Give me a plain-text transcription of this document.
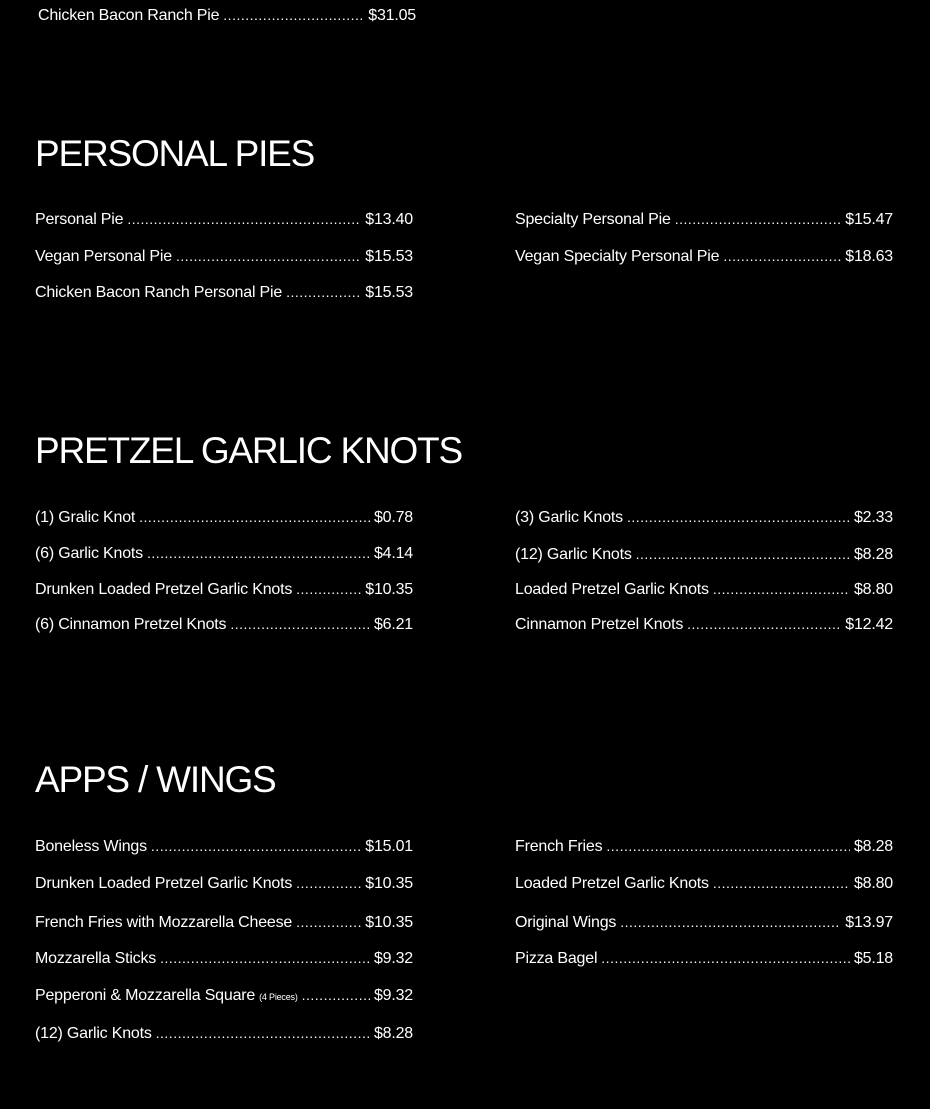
Chicken Bacon Ranch Pie .....	$31.05
PERSONAL PIES
Personal Pie .....	$13.40
Vegan Personal Pie .....	$15.53
Chicken Bacon Ranch Personal Pie .....	$15.53
Specialty Personal Pie .....	$15.47
Vegan Specialty Personal Pie .....	$18.63
PRETZEL GARLIC KNOTS
(1) Gralic Knot .....	$0.78
(6) Garlic Knots .....	$4.14
Drunken Loaded Pretzel Garlic Knots .....	$10.35
(6) Cinnamon Pretzel Knots .....	$6.21
(3) Garlic Knots .....	$2.33
(12) Garlic Knots .....	$8.28
Loaded Pretzel Garlic Knots .....	$8.80
Cinnamon Pretzel Knots .....	$12.42
APPS / WINGS
Boneless Wings .....	$15.01
Drunken Loaded Pretzel Garlic Knots .....	$10.35
French Fries with Mozzarella Cheese .....	$10.35
Mozzarella Sticks .....	$9.32
Pepperoni & Mozzarella Square (4 Pieces) .....	$9.32
(12) Garlic Knots .....	$8.28
French Fries .....	$8.28
Loaded Pretzel Garlic Knots .....	$8.80
Original Wings .....	$13.97
Pizza Bagel .....	$5.18
